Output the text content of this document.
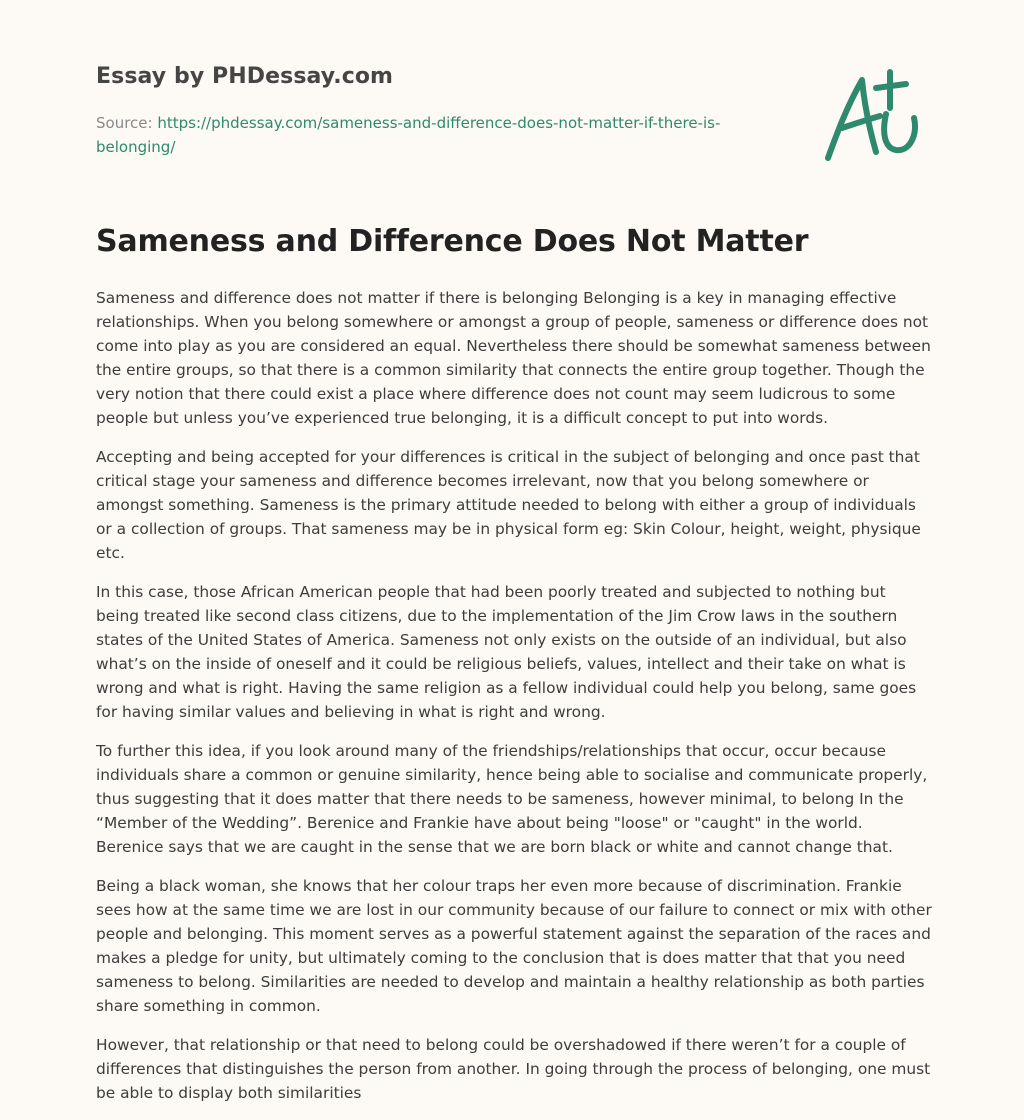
Essay by PHDessay.com
Source: https://phdessay.com/sameness-and-difference-does-not-matter-if-there-is-belonging/
Sameness and Difference Does Not Matter

Sameness and difference does not matter if there is belonging Belonging is a key in managing effective relationships. When you belong somewhere or amongst a group of people, sameness or difference does not come into play as you are considered an equal. Nevertheless there should be somewhat sameness between the entire groups, so that there is a common similarity that connects the entire group together. Though the very notion that there could exist a place where difference does not count may seem ludicrous to some people but unless you’ve experienced true belonging, it is a difficult concept to put into words.

Accepting and being accepted for your differences is critical in the subject of belonging and once past that critical stage your sameness and difference becomes irrelevant, now that you belong somewhere or amongst something. Sameness is the primary attitude needed to belong with either a group of individuals or a collection of groups. That sameness may be in physical form eg: Skin Colour, height, weight, physique etc.

In this case, those African American people that had been poorly treated and subjected to nothing but being treated like second class citizens, due to the implementation of the Jim Crow laws in the southern states of the United States of America. Sameness not only exists on the outside of an individual, but also what’s on the inside of oneself and it could be religious beliefs, values, intellect and their take on what is wrong and what is right. Having the same religion as a fellow individual could help you belong, same goes for having similar values and believing in what is right and wrong.

To further this idea, if you look around many of the friendships/relationships that occur, occur because individuals share a common or genuine similarity, hence being able to socialise and communicate properly, thus suggesting that it does matter that there needs to be sameness, however minimal, to belong In the “Member of the Wedding”. Berenice and Frankie have about being "loose" or "caught" in the world. Berenice says that we are caught in the sense that we are born black or white and cannot change that.

Being a black woman, she knows that her colour traps her even more because of discrimination. Frankie sees how at the same time we are lost in our community because of our failure to connect or mix with other people and belonging. This moment serves as a powerful statement against the separation of the races and makes a pledge for unity, but ultimately coming to the conclusion that is does matter that that you need sameness to belong. Similarities are needed to develop and maintain a healthy relationship as both parties share something in common.

However, that relationship or that need to belong could be overshadowed if there weren’t for a couple of differences that distinguishes the person from another. In going through the process of belonging, one must be able to display both similarities
